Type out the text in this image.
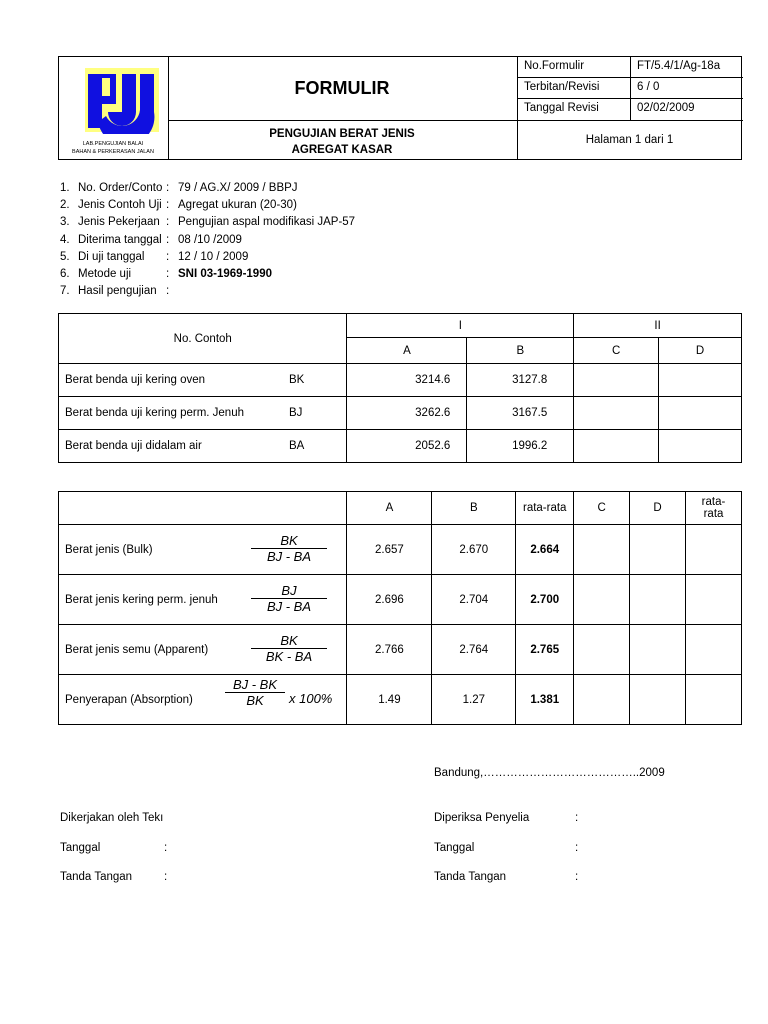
LAB.PENGUJIAN BALAI
BAHAN & PERKERASAN JALAN
FORMULIR
PENGUJIAN BERAT JENIS
AGREGAT KASAR
No.Formulir	FT/5.4/1/Ag-18a
Terbitan/Revisi	6 / 0
Tanggal Revisi	02/02/2009
Halaman 1 dari 1
1. No. Order/Conto : 79 / AG.X/ 2009 / BBPJ
2. Jenis Contoh Uji : Agregat ukuran (20-30)
3. Jenis Pekerjaan : Pengujian aspal modifikasi JAP-57
4. Diterima tanggal : 08 /10 /2009
5. Di uji tanggal : 12 / 10 / 2009
6. Metode uji	: SNI 03-1969-1990
7. Hasil pengujian :
No. Contoh	I		II	
	A	B	C	D
Berat benda uji kering oven BK	3214.6	3127.8		
Berat benda uji kering perm. Jenuh BJ	3262.6	3167.5		
Berat benda uji didalam air BA	2052.6	1996.2		
	A	B	rata-rata	C	D	rata-rata
Berat jenis (Bulk) $\frac{BK}{BJ - BA}$	2.657	2.670	2.664			
Berat jenis kering perm. jenuh $\frac{BJ}{BJ - BA}$	2.696	2.704	2.700			
Berat jenis semu (Apparent) $\frac{BK}{BK - BA}$	2.766	2.764	2.765			
Penyerapan (Absorption) $\frac{BJ - BK}{BK}$ x 100%	1.49	1.27	1.381			
Bandung,…………………………………..2009
Dikerjakan oleh Tekı
Tanggal	:
Tanda Tangan	:
Diperiksa Penyelia	:
Tanggal	:
Tanda Tangan	:
